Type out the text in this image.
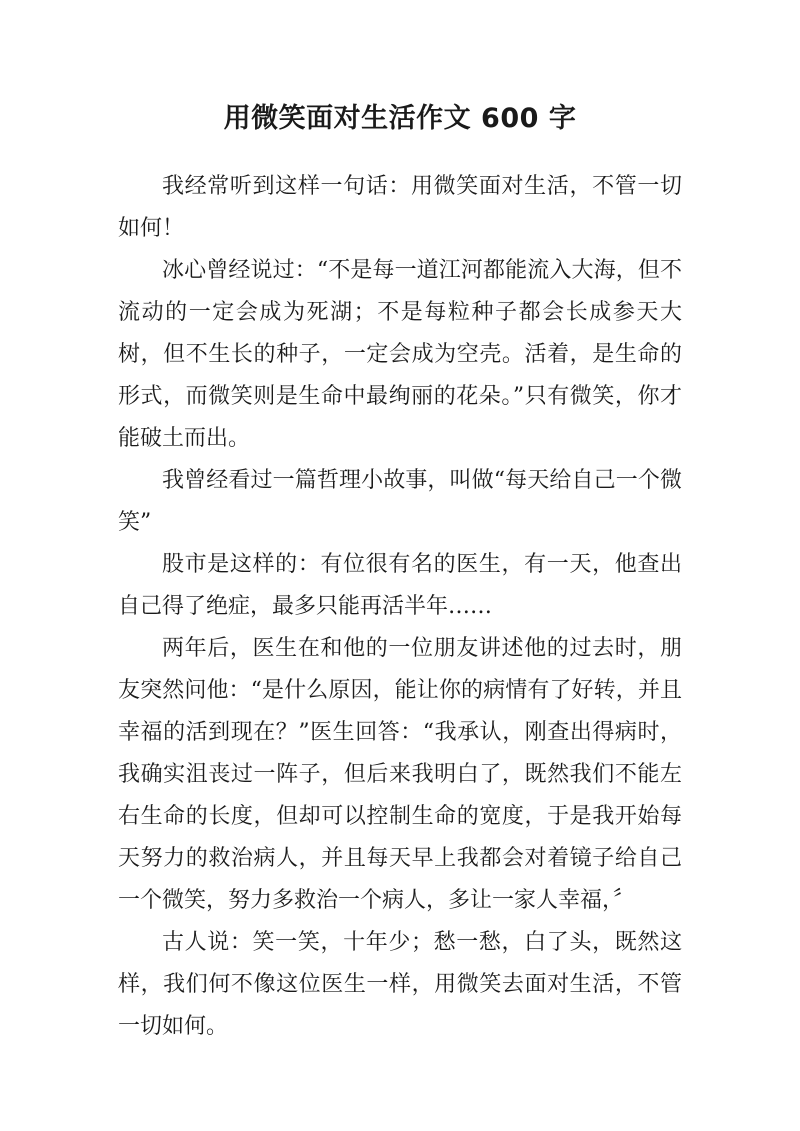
用微笑面对生活作文 600 字

我经常听到这样一句话：用微笑面对生活，不管一切如何！

冰心曾经说过：“不是每一道江河都能流入大海，但不流动的一定会成为死湖；不是每粒种子都会长成参天大树，但不生长的种子，一定会成为空壳。活着，是生命的形式，而微笑则是生命中最绚丽的花朵。”只有微笑，你才能破土而出。

我曾经看过一篇哲理小故事，叫做“每天给自己一个微笑”

股市是这样的：有位很有名的医生，有一天，他查出自己得了绝症，最多只能再活半年……

两年后，医生在和他的一位朋友讲述他的过去时，朋友突然问他：“是什么原因，能让你的病情有了好转，并且幸福的活到现在？”医生回答：“我承认，刚查出得病时，我确实沮丧过一阵子，但后来我明白了，既然我们不能左右生命的长度，但却可以控制生命的宽度，于是我开始每天努力的救治病人，并且每天早上我都会对着镜子给自己一个微笑，努力多救治一个病人，多让一家人幸福，〞

古人说：笑一笑，十年少；愁一愁，白了头，既然这样，我们何不像这位医生一样，用微笑去面对生活，不管一切如何。
